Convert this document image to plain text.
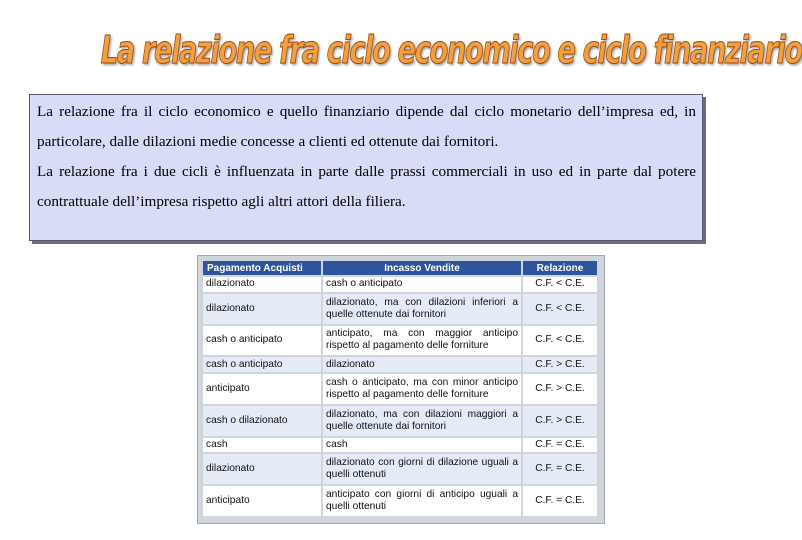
La relazione fra ciclo economico e ciclo finanziario

La relazione fra il ciclo economico e quello finanziario dipende dal ciclo monetario dell’impresa ed, in particolare, dalle dilazioni medie concesse a clienti ed ottenute dai fornitori.

La relazione fra i due cicli è influenzata in parte dalle prassi commerciali in uso ed in parte dal potere contrattuale dell’impresa rispetto agli altri attori della filiera.

Pagamento Acquisti	Incasso Vendite	Relazione
dilazionato	cash o anticipato	C.F. < C.E.
dilazionato	dilazionato, ma con dilazioni inferiori a quelle ottenute dai fornitori	C.F. < C.E.
cash o anticipato	anticipato, ma con maggior anticipo rispetto al pagamento delle forniture	C.F. < C.E.
cash o anticipato	dilazionato	C.F. > C.E.
anticipato	cash o anticipato, ma con minor anticipo rispetto al pagamento delle forniture	C.F. > C.E.
cash o dilazionato	dilazionato, ma con dilazioni maggiori a quelle ottenute dai fornitori	C.F. > C.E.
cash	cash	C.F. = C.E.
dilazionato	dilazionato con giorni di dilazione uguali a quelli ottenuti	C.F. = C.E.
anticipato	anticipato con giorni di anticipo uguali a quelli ottenuti	C.F. = C.E.
